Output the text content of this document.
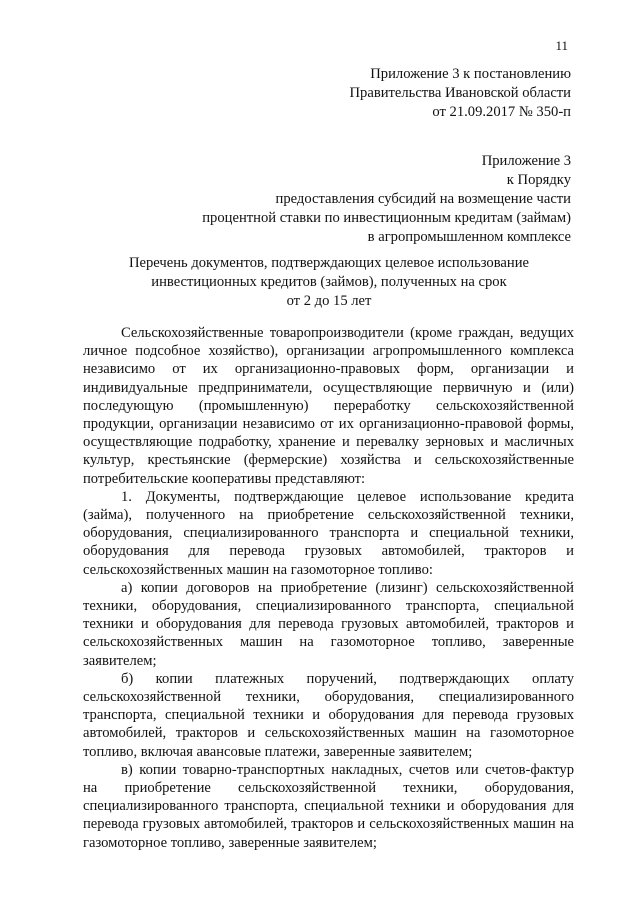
11
Приложение 3 к постановлению
Правительства Ивановской области
от 21.09.2017 № 350-п
Приложение 3
к Порядку
предоставления субсидий на возмещение части
процентной ставки по инвестиционным кредитам (займам)
в агропромышленном комплексе
Перечень документов, подтверждающих целевое использование
инвестиционных кредитов (займов), полученных на срок
от 2 до 15 лет

Сельскохозяйственные товаропроизводители (кроме граждан, ведущих личное подсобное хозяйство), организации агропромышленного комплекса независимо от их организационно-правовых форм, организации и индивидуальные предприниматели, осуществляющие первичную и (или) последующую (промышленную) переработку сельскохозяйственной продукции, организации независимо от их организационно-правовой формы, осуществляющие подработку, хранение и перевалку зерновых и масличных культур, крестьянские (фермерские) хозяйства и сельскохозяйственные потребительские кооперативы представляют:

1. Документы, подтверждающие целевое использование кредита (займа), полученного на приобретение сельскохозяйственной техники, оборудования, специализированного транспорта и специальной техники, оборудования для перевода грузовых автомобилей, тракторов и сельскохозяйственных машин на газомоторное топливо:

а) копии договоров на приобретение (лизинг) сельскохозяйственной техники, оборудования, специализированного транспорта, специальной техники и оборудования для перевода грузовых автомобилей, тракторов и сельскохозяйственных машин на газомоторное топливо, заверенные заявителем;

б) копии платежных поручений, подтверждающих оплату сельскохозяйственной техники, оборудования, специализированного транспорта, специальной техники и оборудования для перевода грузовых автомобилей, тракторов и сельскохозяйственных машин на газомоторное топливо, включая авансовые платежи, заверенные заявителем;

в) копии товарно-транспортных накладных, счетов или счетов-фактур на приобретение сельскохозяйственной техники, оборудования, специализированного транспорта, специальной техники и оборудования для перевода грузовых автомобилей, тракторов и сельскохозяйственных машин на газомоторное топливо, заверенные заявителем;
